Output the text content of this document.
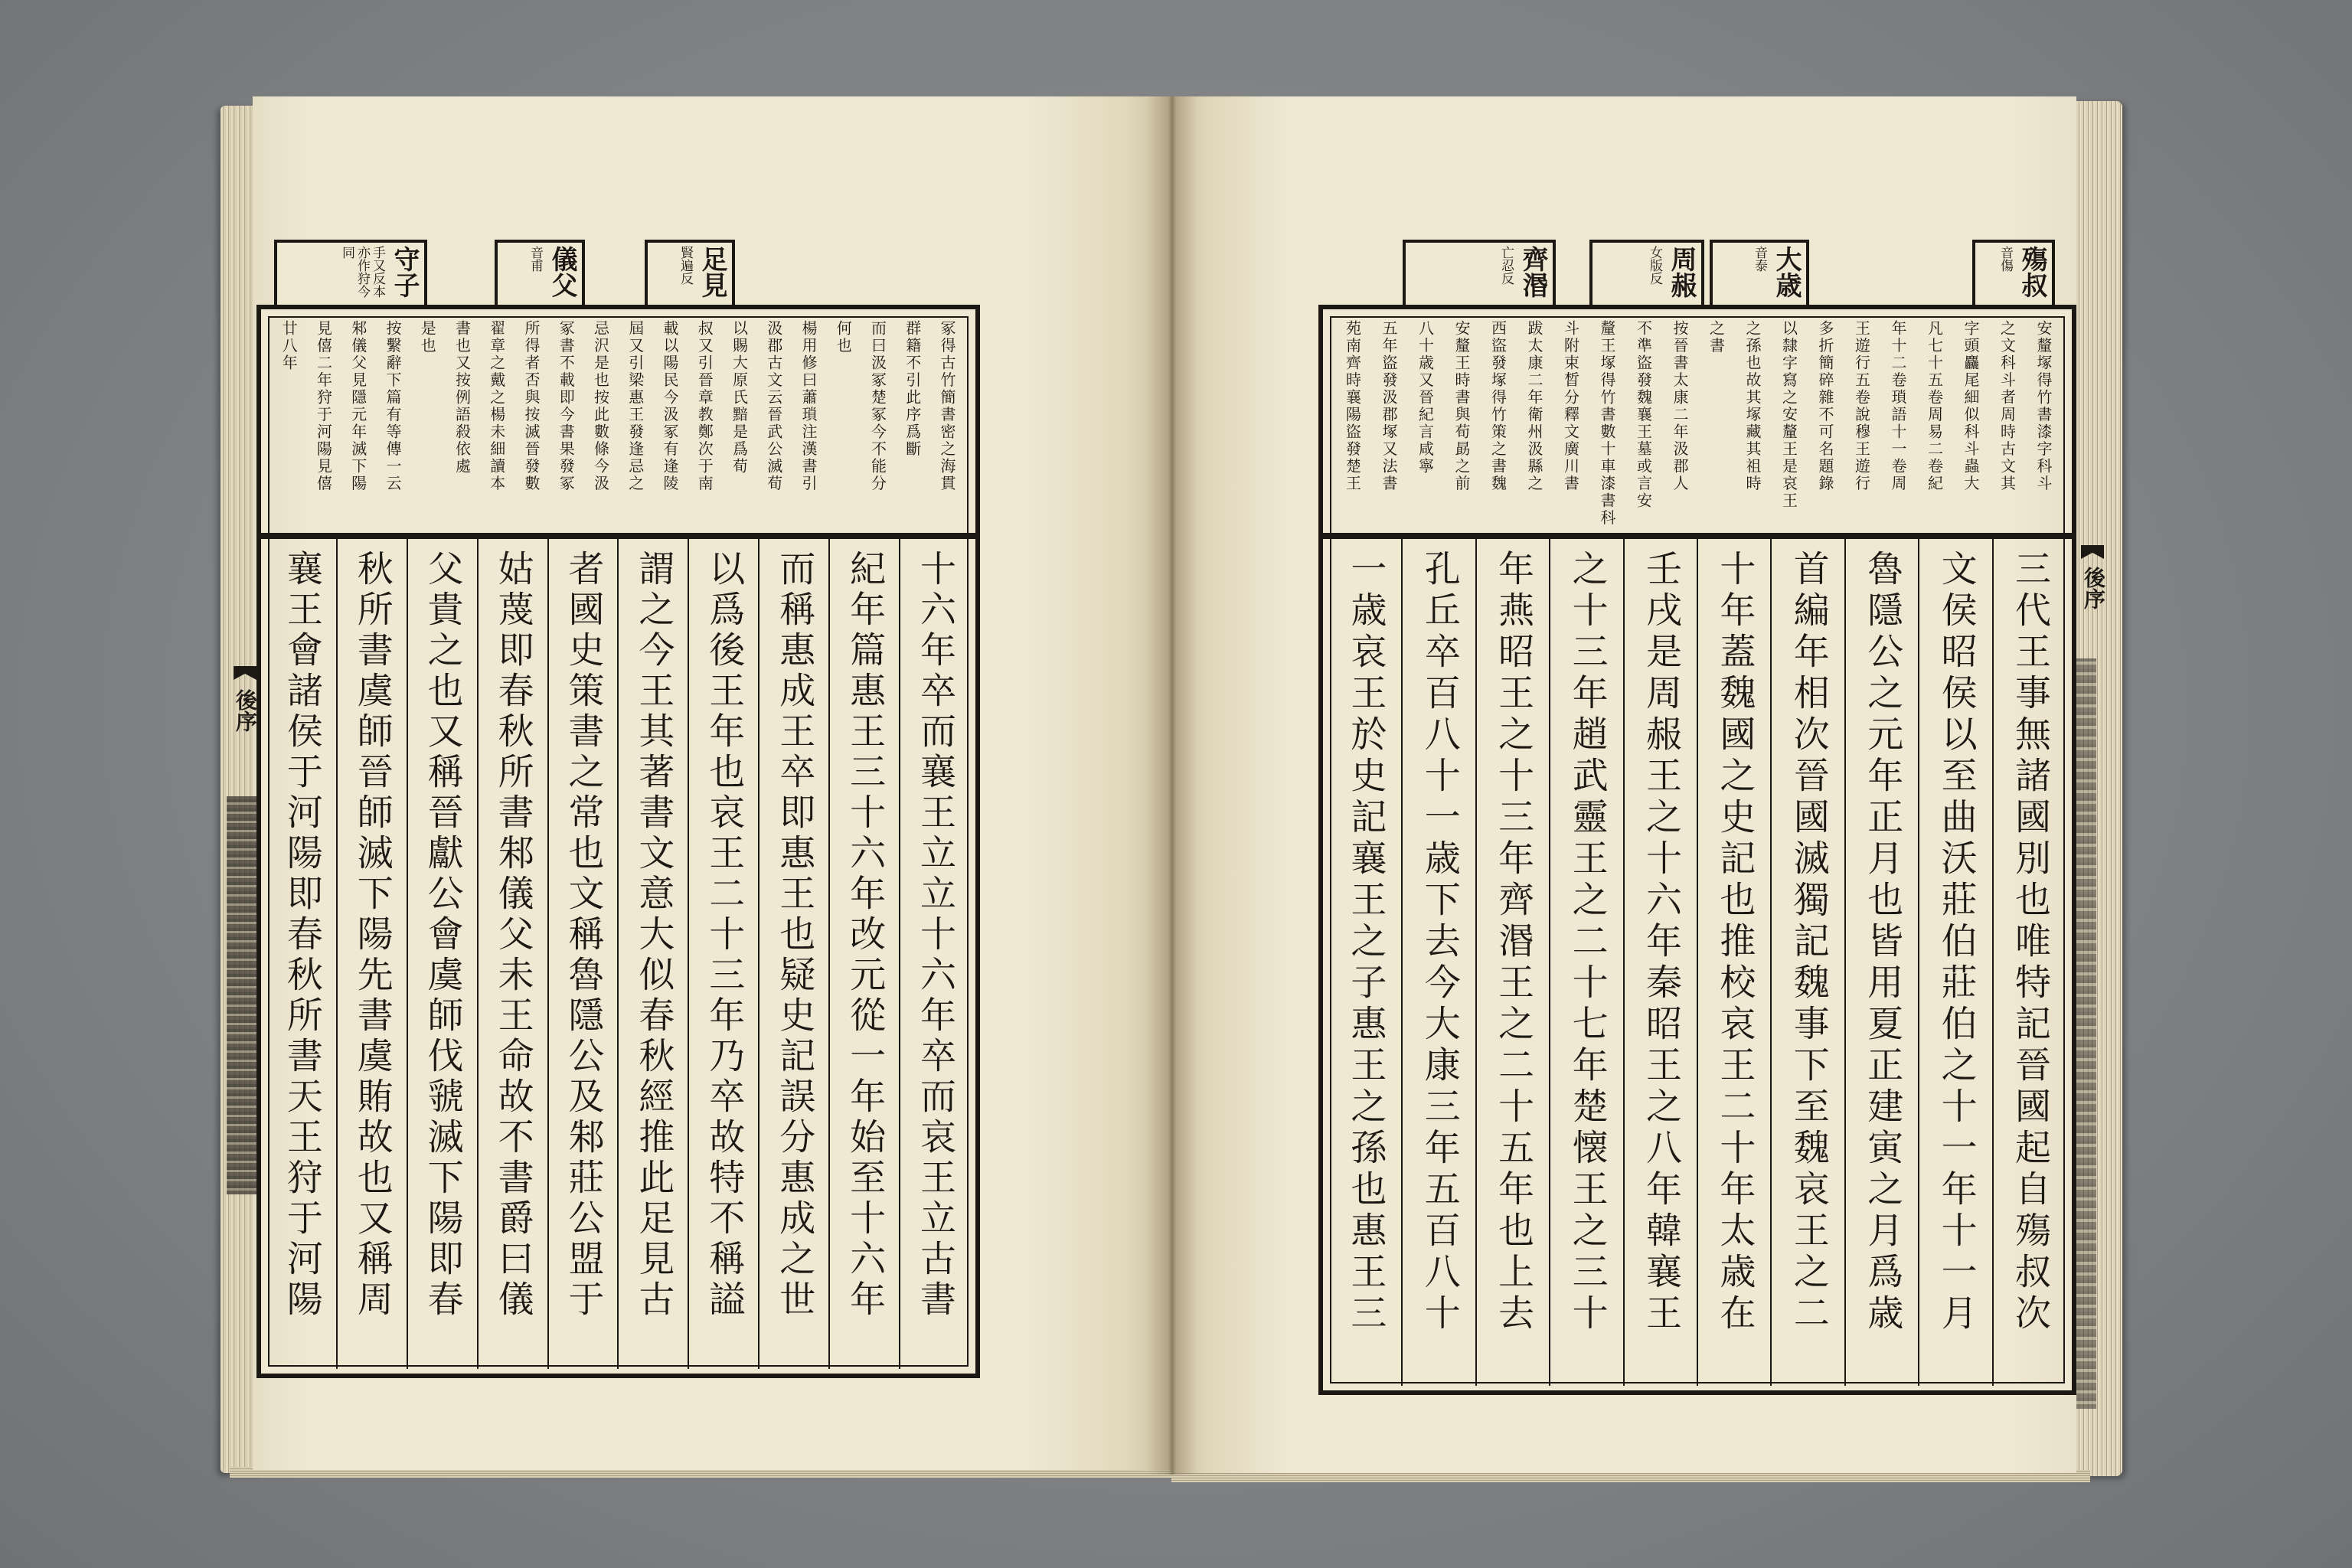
後序
後序
足見
賢遍反
儀父
音甫
守子
手又反本亦作狩今同	殤叔
音傷
大歳
音泰
周赧
女版反
齊湣
亡忍反
冢得古竹簡書密之海貫
群籍不引此序爲斷
而曰汲冢楚冢今不能分
何也
楊用修曰蕭瑣注漢書引
汲郡古文云晉武公滅荀
以賜大原氏黯是爲荀
叔又引晉章教鄭次于南
載以陽民今汲冢有逢陵
屆又引梁惠王發逢忌之
忌沢是也按此數條今汲
冢書不載即今書果發冢
所得者否與按滅晉發數
翟章之戴之楊未細讀本
書也又按例語殺依處
是也
按繫辭下篇有等傳一云
邾儀父見隱元年滅下陽
見僖二年狩于河陽見僖
廿八年
十六年卒而襄王立立十六年卒而哀王立古書
紀年篇惠王三十六年改元從一年始至十六年
而稱惠成王卒即惠王也疑史記誤分惠成之世
以爲後王年也哀王二十三年乃卒故特不稱謚
謂之今王其著書文意大似春秋經推此足見古
者國史策書之常也文稱魯隱公及邾莊公盟于
姑蔑即春秋所書邾儀父未王命故不書爵曰儀
父貴之也又稱晉獻公會虞師伐虢滅下陽即春
秋所書虞師晉師滅下陽先書虞賄故也又稱周
襄王會諸侯于河陽即春秋所書天王狩于河陽
安釐塚得竹書漆字科斗
之文科斗者周時古文其
字頭麤尾細似科斗蟲大
凡七十五卷周易二卷紀
年十二卷瑣語十一卷周
王遊行五卷說穆王遊行
多折簡碎雜不可名題錄
以隸字寫之安釐王是哀王
之孫也故其塚藏其祖時
之書
按晉書太康二年汲郡人
不準盜發魏襄王墓或言安
釐王塚得竹書數十車漆書科
斗附束晳分釋文廣川書
跋太康二年衛州汲縣之
西盜發塚得竹策之書魏
安釐王時書與荀勗之前
八十歳又晉紀言咸寧
五年盜發汲郡塚又法書
苑南齊時襄陽盜發楚王
三代王事無諸國別也唯特記晉國起自殤叔次
文侯昭侯以至曲沃莊伯莊伯之十一年十一月
魯隱公之元年正月也皆用夏正建寅之月爲歳
首編年相次晉國滅獨記魏事下至魏哀王之二
十年蓋魏國之史記也推校哀王二十年太歳在
壬戌是周赧王之十六年秦昭王之八年韓襄王
之十三年趙武靈王之二十七年楚懐王之三十
年燕昭王之十三年齊湣王之二十五年也上去
孔丘卒百八十一歳下去今大康三年五百八十
一歳哀王於史記襄王之子惠王之孫也惠王三
